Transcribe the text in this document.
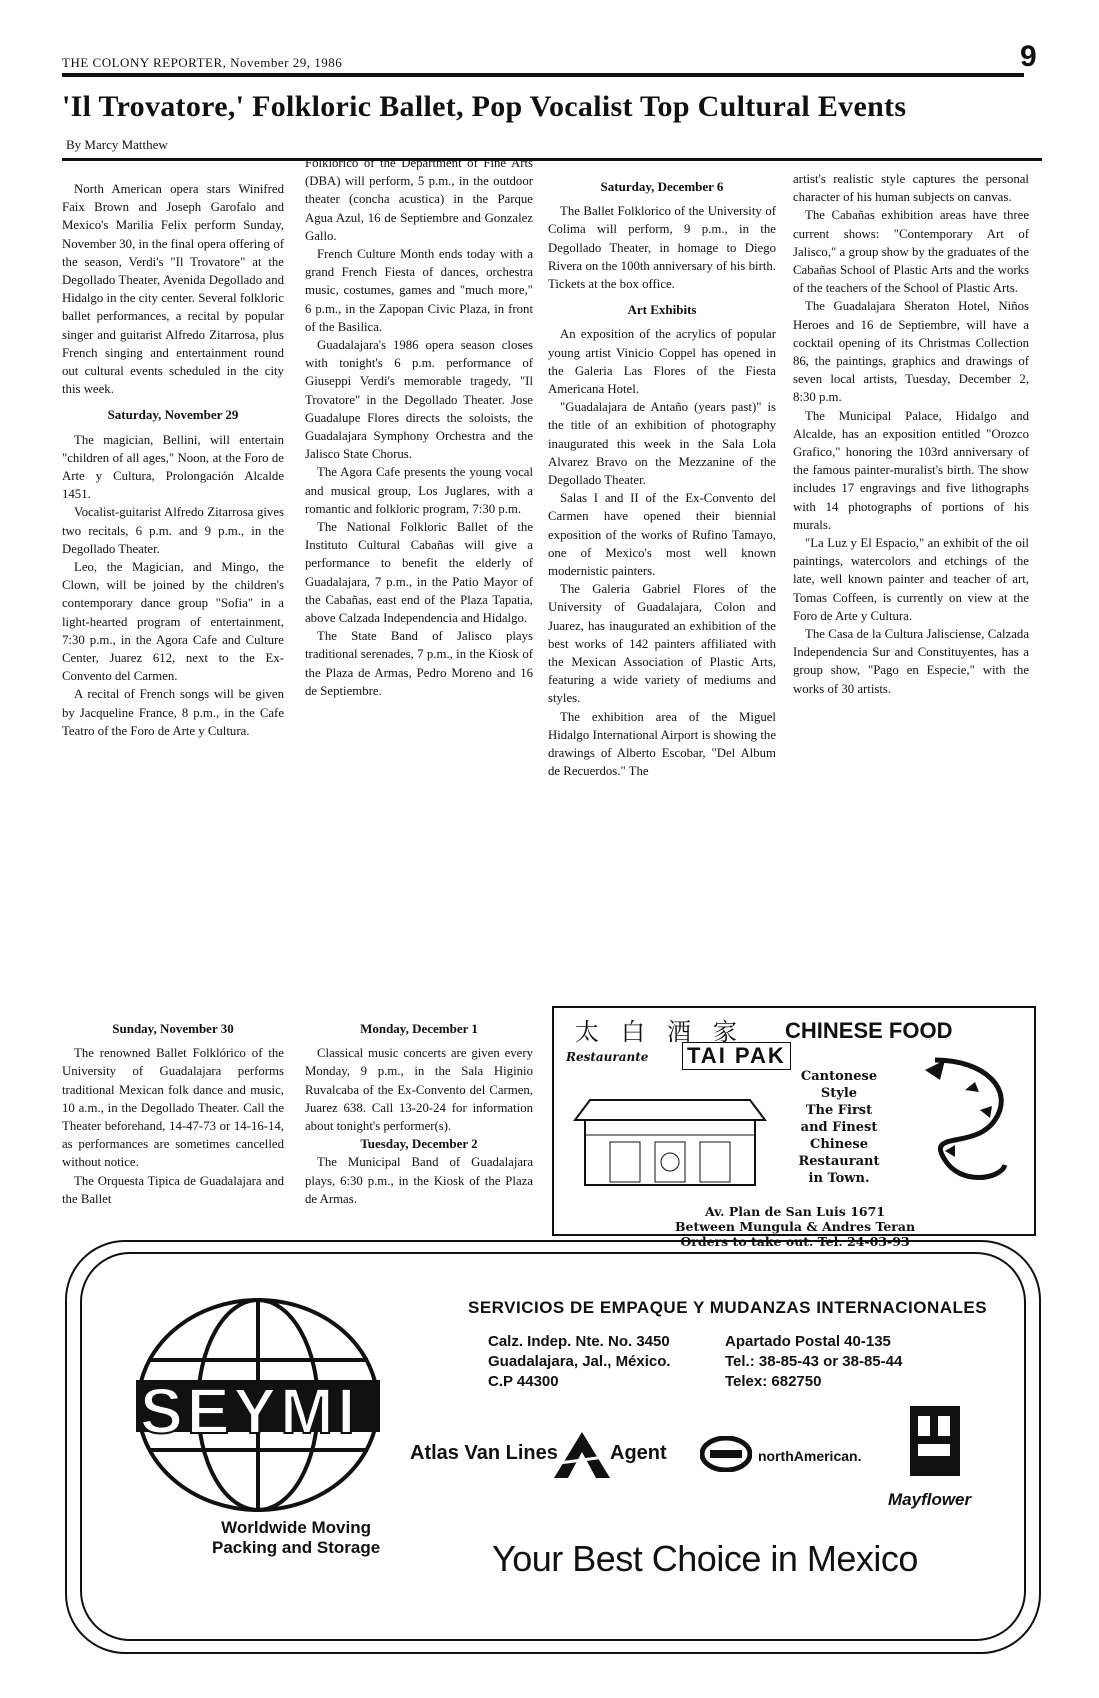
THE COLONY REPORTER, November 29, 1986	9
'Il Trovatore,' Folkloric Ballet, Pop Vocalist Top Cultural Events
By Marcy Matthew

North American opera stars Winifred Faix Brown and Joseph Garofalo and Mexico's Marilia Felix perform Sunday, November 30, in the final opera offering of the season, Verdi's "Il Trovatore" at the Degollado Theater, Avenida Degollado and Hidalgo in the city center. Several folkloric ballet performances, a recital by popular singer and guitarist Alfredo Zitarrosa, plus French singing and entertainment round out cultural events scheduled in the city this week.

Saturday, November 29

The magician, Bellini, will entertain "children of all ages," Noon, at the Foro de Arte y Cultura, Prolongación Alcalde 1451.

Vocalist-guitarist Alfredo Zitarrosa gives two recitals, 6 p.m. and 9 p.m., in the Degollado Theater.

Leo, the Magician, and Mingo, the Clown, will be joined by the children's contemporary dance group "Sofia" in a light-hearted program of entertainment, 7:30 p.m., in the Agora Cafe and Culture Center, Juarez 612, next to the Ex-Convento del Carmen.

A recital of French songs will be given by Jacqueline France, 8 p.m., in the Cafe Teatro of the Foro de Arte y Cultura.

Sunday, November 30

The renowned Ballet Folklórico of the University of Guadalajara performs traditional Mexican folk dance and music, 10 a.m., in the Degollado Theater. Call the Theater beforehand, 14-47-73 or 14-16-14, as performances are sometimes cancelled without notice.

The Orquesta Tipica de Guadalajara and the Ballet

Folklorico of the Department of Fine Arts (DBA) will perform, 5 p.m., in the outdoor theater (concha acustica) in the Parque Agua Azul, 16 de Septiembre and Gonzalez Gallo.

French Culture Month ends today with a grand French Fiesta of dances, orchestra music, costumes, games and "much more," 6 p.m., in the Zapopan Civic Plaza, in front of the Basilica.

Guadalajara's 1986 opera season closes with tonight's 6 p.m. performance of Giuseppi Verdi's memorable tragedy, "Il Trovatore" in the Degollado Theater. Jose Guadalupe Flores directs the soloists, the Guadalajara Symphony Orchestra and the Jalisco State Chorus.

The Agora Cafe presents the young vocal and musical group, Los Juglares, with a romantic and folkloric program, 7:30 p.m.

The National Folkloric Ballet of the Instituto Cultural Cabañas will give a performance to benefit the elderly of Guadalajara, 7 p.m., in the Patio Mayor of the Cabañas, east end of the Plaza Tapatia, above Calzada Independencia and Hidalgo.

The State Band of Jalisco plays traditional serenades, 7 p.m., in the Kiosk of the Plaza de Armas, Pedro Moreno and 16 de Septiembre.

Monday, December 1

Classical music concerts are given every Monday, 9 p.m., in the Sala Higinio Ruvalcaba of the Ex-Convento del Carmen, Juarez 638. Call 13-20-24 for information about tonight's performer(s).

Tuesday, December 2

The Municipal Band of Guadalajara plays, 6:30 p.m., in the Kiosk of the Plaza de Armas.

Saturday, December 6

The Ballet Folklorico of the University of Colima will perform, 9 p.m., in the Degollado Theater, in homage to Diego Rivera on the 100th anniversary of his birth. Tickets at the box office.

Art Exhibits

An exposition of the acrylics of popular young artist Vinicio Coppel has opened in the Galeria Las Flores of the Fiesta Americana Hotel.

"Guadalajara de Antaño (years past)" is the title of an exhibition of photography inaugurated this week in the Sala Lola Alvarez Bravo on the Mezzanine of the Degollado Theater.

Salas I and II of the Ex-Convento del Carmen have opened their biennial exposition of the works of Rufino Tamayo, one of Mexico's most well known modernistic painters.

The Galeria Gabriel Flores of the University of Guadalajara, Colon and Juarez, has inaugurated an exhibition of the best works of 142 painters affiliated with the Mexican Association of Plastic Arts, featuring a wide variety of mediums and styles.

The exhibition area of the Miguel Hidalgo International Airport is showing the drawings of Alberto Escobar, "Del Album de Recuerdos." The

artist's realistic style captures the personal character of his human subjects on canvas.

The Cabañas exhibition areas have three current shows: "Contemporary Art of Jalisco," a group show by the graduates of the Cabañas School of Plastic Arts and the works of the teachers of the School of Plastic Arts.

The Guadalajara Sheraton Hotel, Niños Heroes and 16 de Septiembre, will have a cocktail opening of its Christmas Collection 86, the paintings, graphics and drawings of seven local artists, Tuesday, December 2, 8:30 p.m.

The Municipal Palace, Hidalgo and Alcalde, has an exposition entitled "Orozco Grafico," honoring the 103rd anniversary of the famous painter-muralist's birth. The show includes 17 engravings and five lithographs with 14 photographs of portions of his murals.

"La Luz y El Espacio," an exhibit of the oil paintings, watercolors and etchings of the late, well known painter and teacher of art, Tomas Coffeen, is currently on view at the Foro de Arte y Cultura.

The Casa de la Cultura Jalisciense, Calzada Independencia Sur and Constituyentes, has a group show, "Pago en Especie," with the works of 30 artists.

太白酒家
Restaurante TAI PAK
CHINESE FOOD
Cantonese
Style
The First
and Finest
Chinese
Restaurant
in Town.
Av. Plan de San Luis 1671
Between Mungula & Andres Teran
Orders to take out. Tel. 24-03-93
SEYMI
SERVICIOS DE EMPAQUE Y MUDANZAS INTERNACIONALES
Calz. Indep. Nte. No. 3450
Guadalajara, Jal., México.
C.P 44300
Apartado Postal 40-135
Tel.: 38-85-43 or 38-85-44
Telex: 682750
Atlas Van Lines	Agent	northAmerican.
Mayflower
Worldwide Moving
Packing and Storage	Your Best Choice in Mexico
